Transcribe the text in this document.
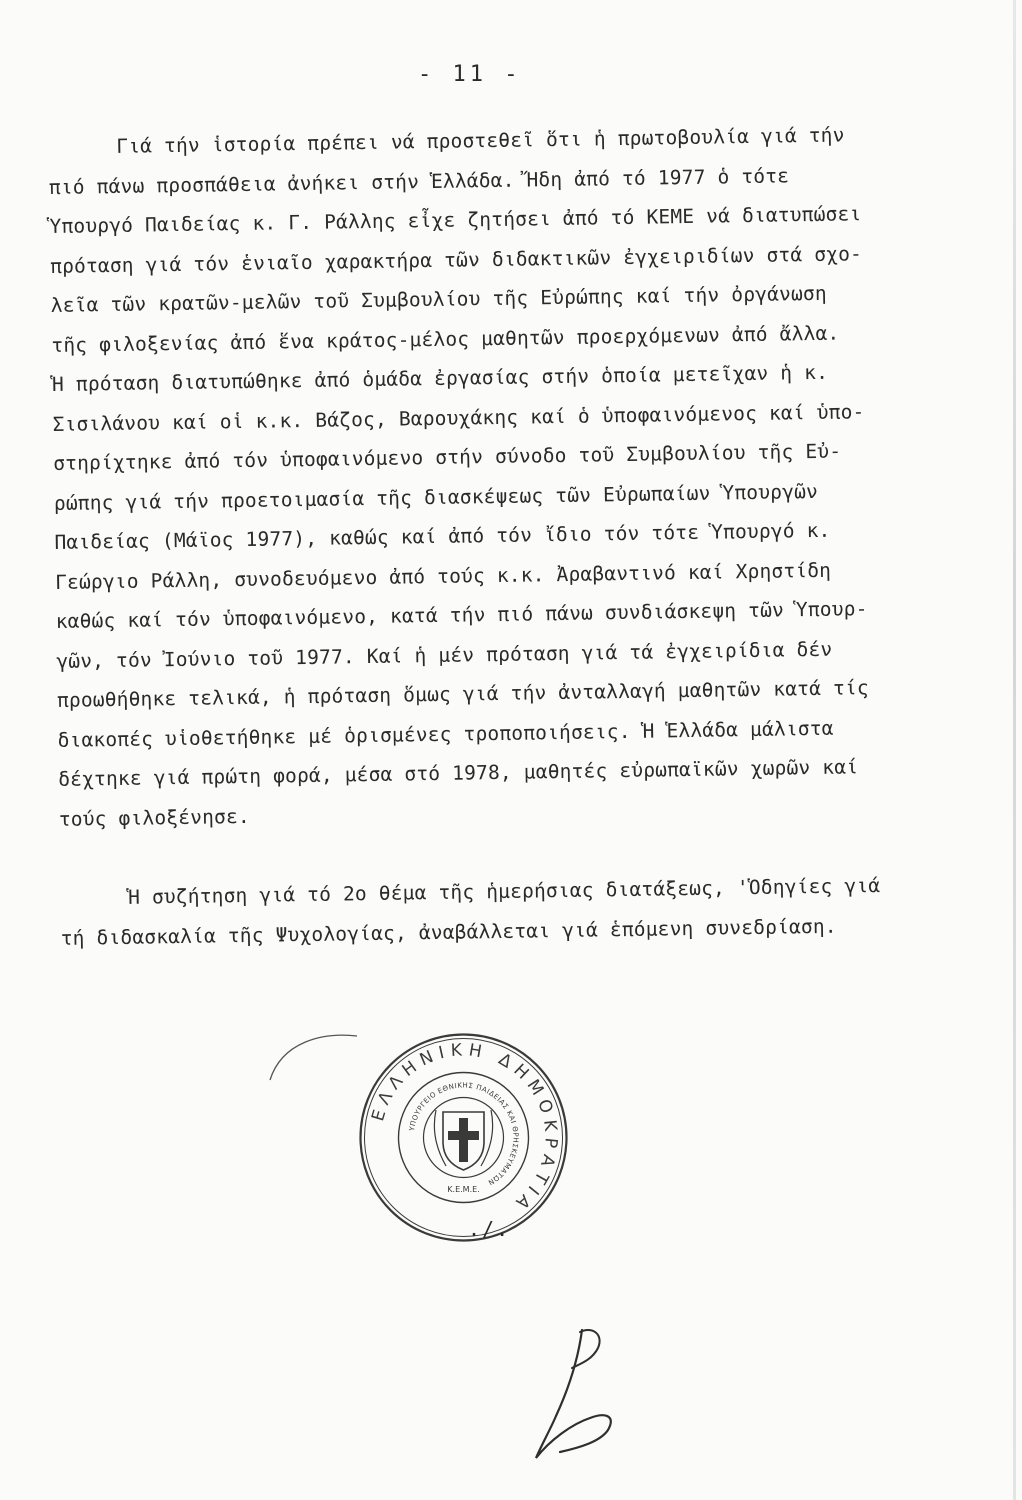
- 11 -
Γιά τήν ἱστορία πρέπει νά προστεθεῖ ὅτι ἡ πρωτοβουλία γιά τήν
πιό πάνω προσπάθεια ἀνήκει στήν Ἑλλάδα. Ἤδη ἀπό τό 1977 ὁ τότε
Ὑπουργό Παιδείας κ. Γ. Ράλλης εἶχε ζητήσει ἀπό τό ΚΕΜΕ νά διατυπώσει
πρόταση γιά τόν ἑνιαῖο χαρακτήρα τῶν διδακτικῶν ἐγχειριδίων στά σχο-
λεῖα τῶν κρατῶν-μελῶν τοῦ Συμβουλίου τῆς Εὐρώπης καί τήν ὀργάνωση
τῆς φιλοξενίας ἀπό ἕνα κράτος-μέλος μαθητῶν προερχόμενων ἀπό ἄλλα.
Ἡ πρόταση διατυπώθηκε ἀπό ὁμάδα ἐργασίας στήν ὁποία μετεῖχαν ἡ κ.
Σισιλάνου καί οἱ κ.κ. Βάζος, Βαρουχάκης καί ὁ ὑποφαινόμενος καί ὑπο-
στηρίχτηκε ἀπό τόν ὑποφαινόμενο στήν σύνοδο τοῦ Συμβουλίου τῆς Εὐ-
ρώπης γιά τήν προετοιμασία τῆς διασκέψεως τῶν Εὐρωπαίων Ὑπουργῶν
Παιδείας (Μάϊος 1977), καθώς καί ἀπό τόν ἴδιο τόν τότε Ὑπουργό κ.
Γεώργιο Ράλλη, συνοδευόμενο ἀπό τούς κ.κ. Ἀραβαντινό καί Χρηστίδη
καθώς καί τόν ὑποφαινόμενο, κατά τήν πιό πάνω συνδιάσκεψη τῶν Ὑπουρ-
γῶν, τόν Ἰούνιο τοῦ 1977. Καί ἡ μέν πρόταση γιά τά ἐγχειρίδια δέν
προωθήθηκε τελικά, ἡ πρόταση ὅμως γιά τήν ἀνταλλαγή μαθητῶν κατά τίς
διακοπές υἱοθετήθηκε μέ ὁρισμένες τροποποιήσεις. Ἡ Ἑλλάδα μάλιστα
δέχτηκε γιά πρώτη φορά, μέσα στό 1978, μαθητές εὐρωπαϊκῶν χωρῶν καί
τούς φιλοξένησε.
Ἡ συζήτηση γιά τό 2ο θέμα τῆς ἡμερήσιας διατάξεως, 'Ὁδηγίες γιά
τή διδασκαλία τῆς Ψυχολογίας, ἀναβάλλεται γιά ἑπόμενη συνεδρίαση.
ΕΛΛΗΝΙΚΗ ΔΗΜΟΚΡΑΤΙΑ
ΥΠΟΥΡΓΕΙΟ ΕΘΝΙΚΗΣ ΠΑΙΔΕΙΑΣ ΚΑΙ ΘΡΗΣΚΕΥΜΑΤΩΝ
Κ.Ε.Μ.Ε.
./.
